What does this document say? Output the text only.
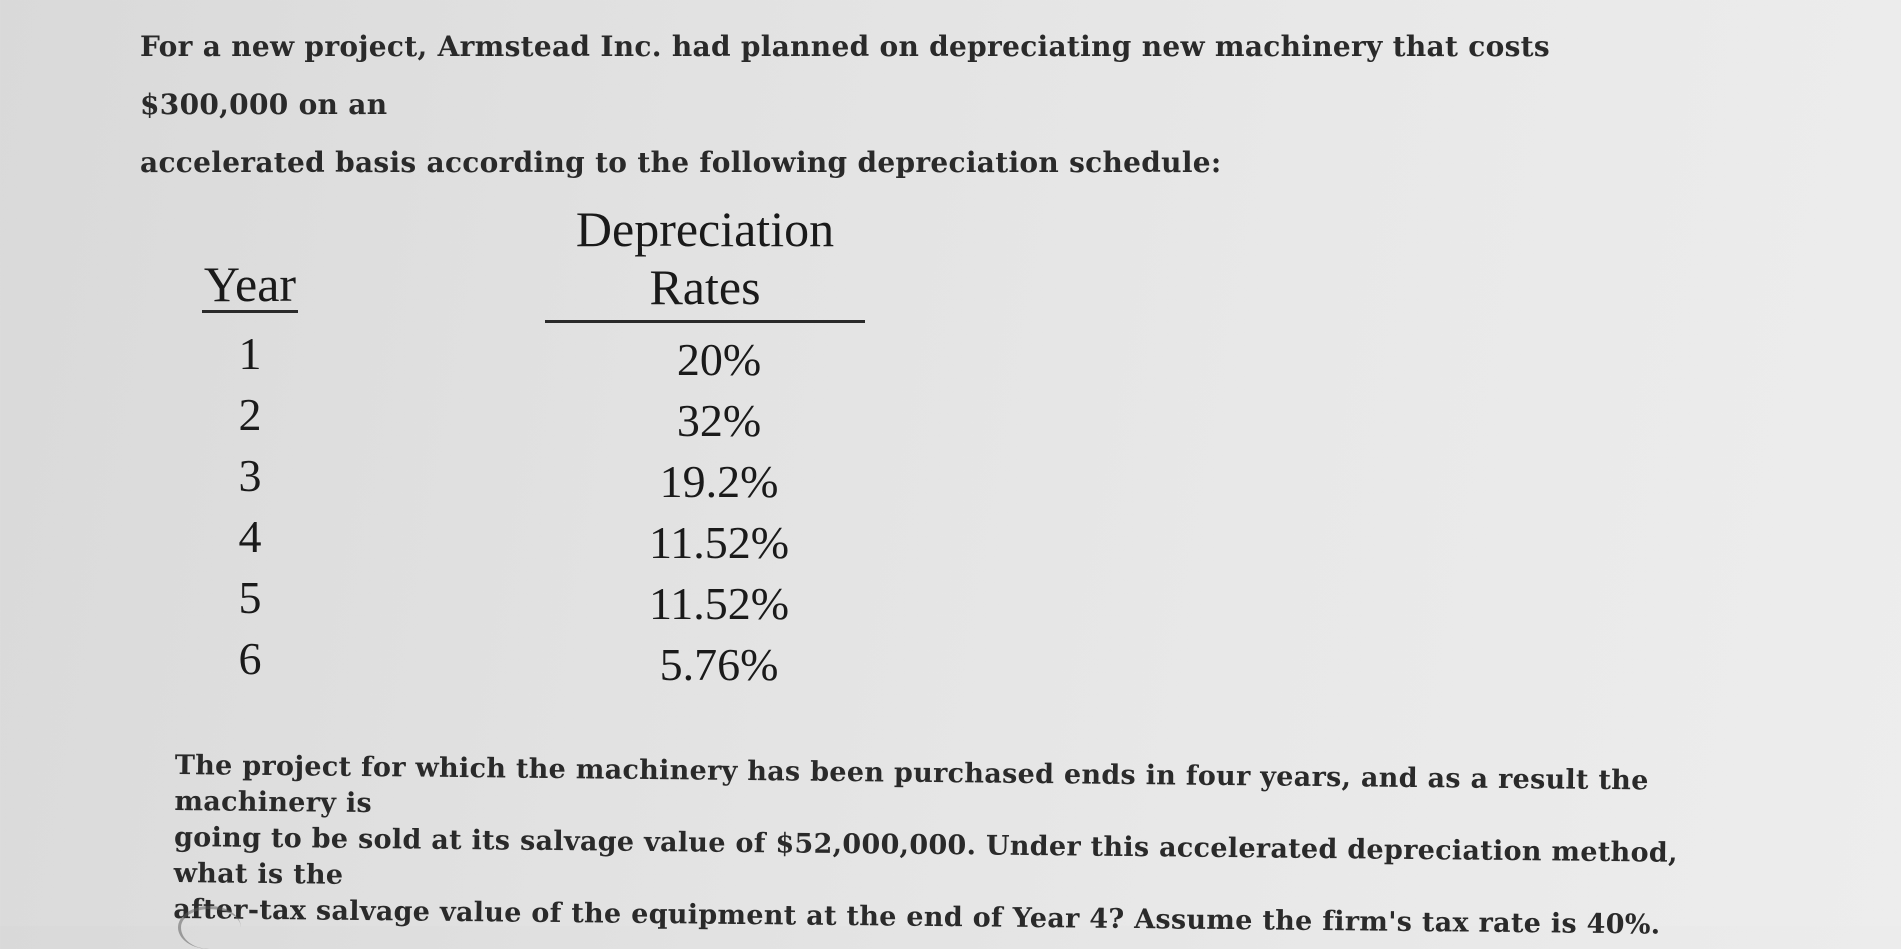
For a new project, Armstead Inc. had planned on depreciating new machinery that costs $300,000 on an
accelerated basis according to the following depreciation schedule:
Year
1
2
3
4
5
6
Depreciation
Rates
20%
32%
19.2%
11.52%
11.52%
5.76%
The project for which the machinery has been purchased ends in four years, and as a result the machinery is
going to be sold at its salvage value of $52,000,000. Under this accelerated depreciation method, what is the
after-tax salvage value of the equipment at the end of Year 4? Assume the firm's tax rate is 40%.
